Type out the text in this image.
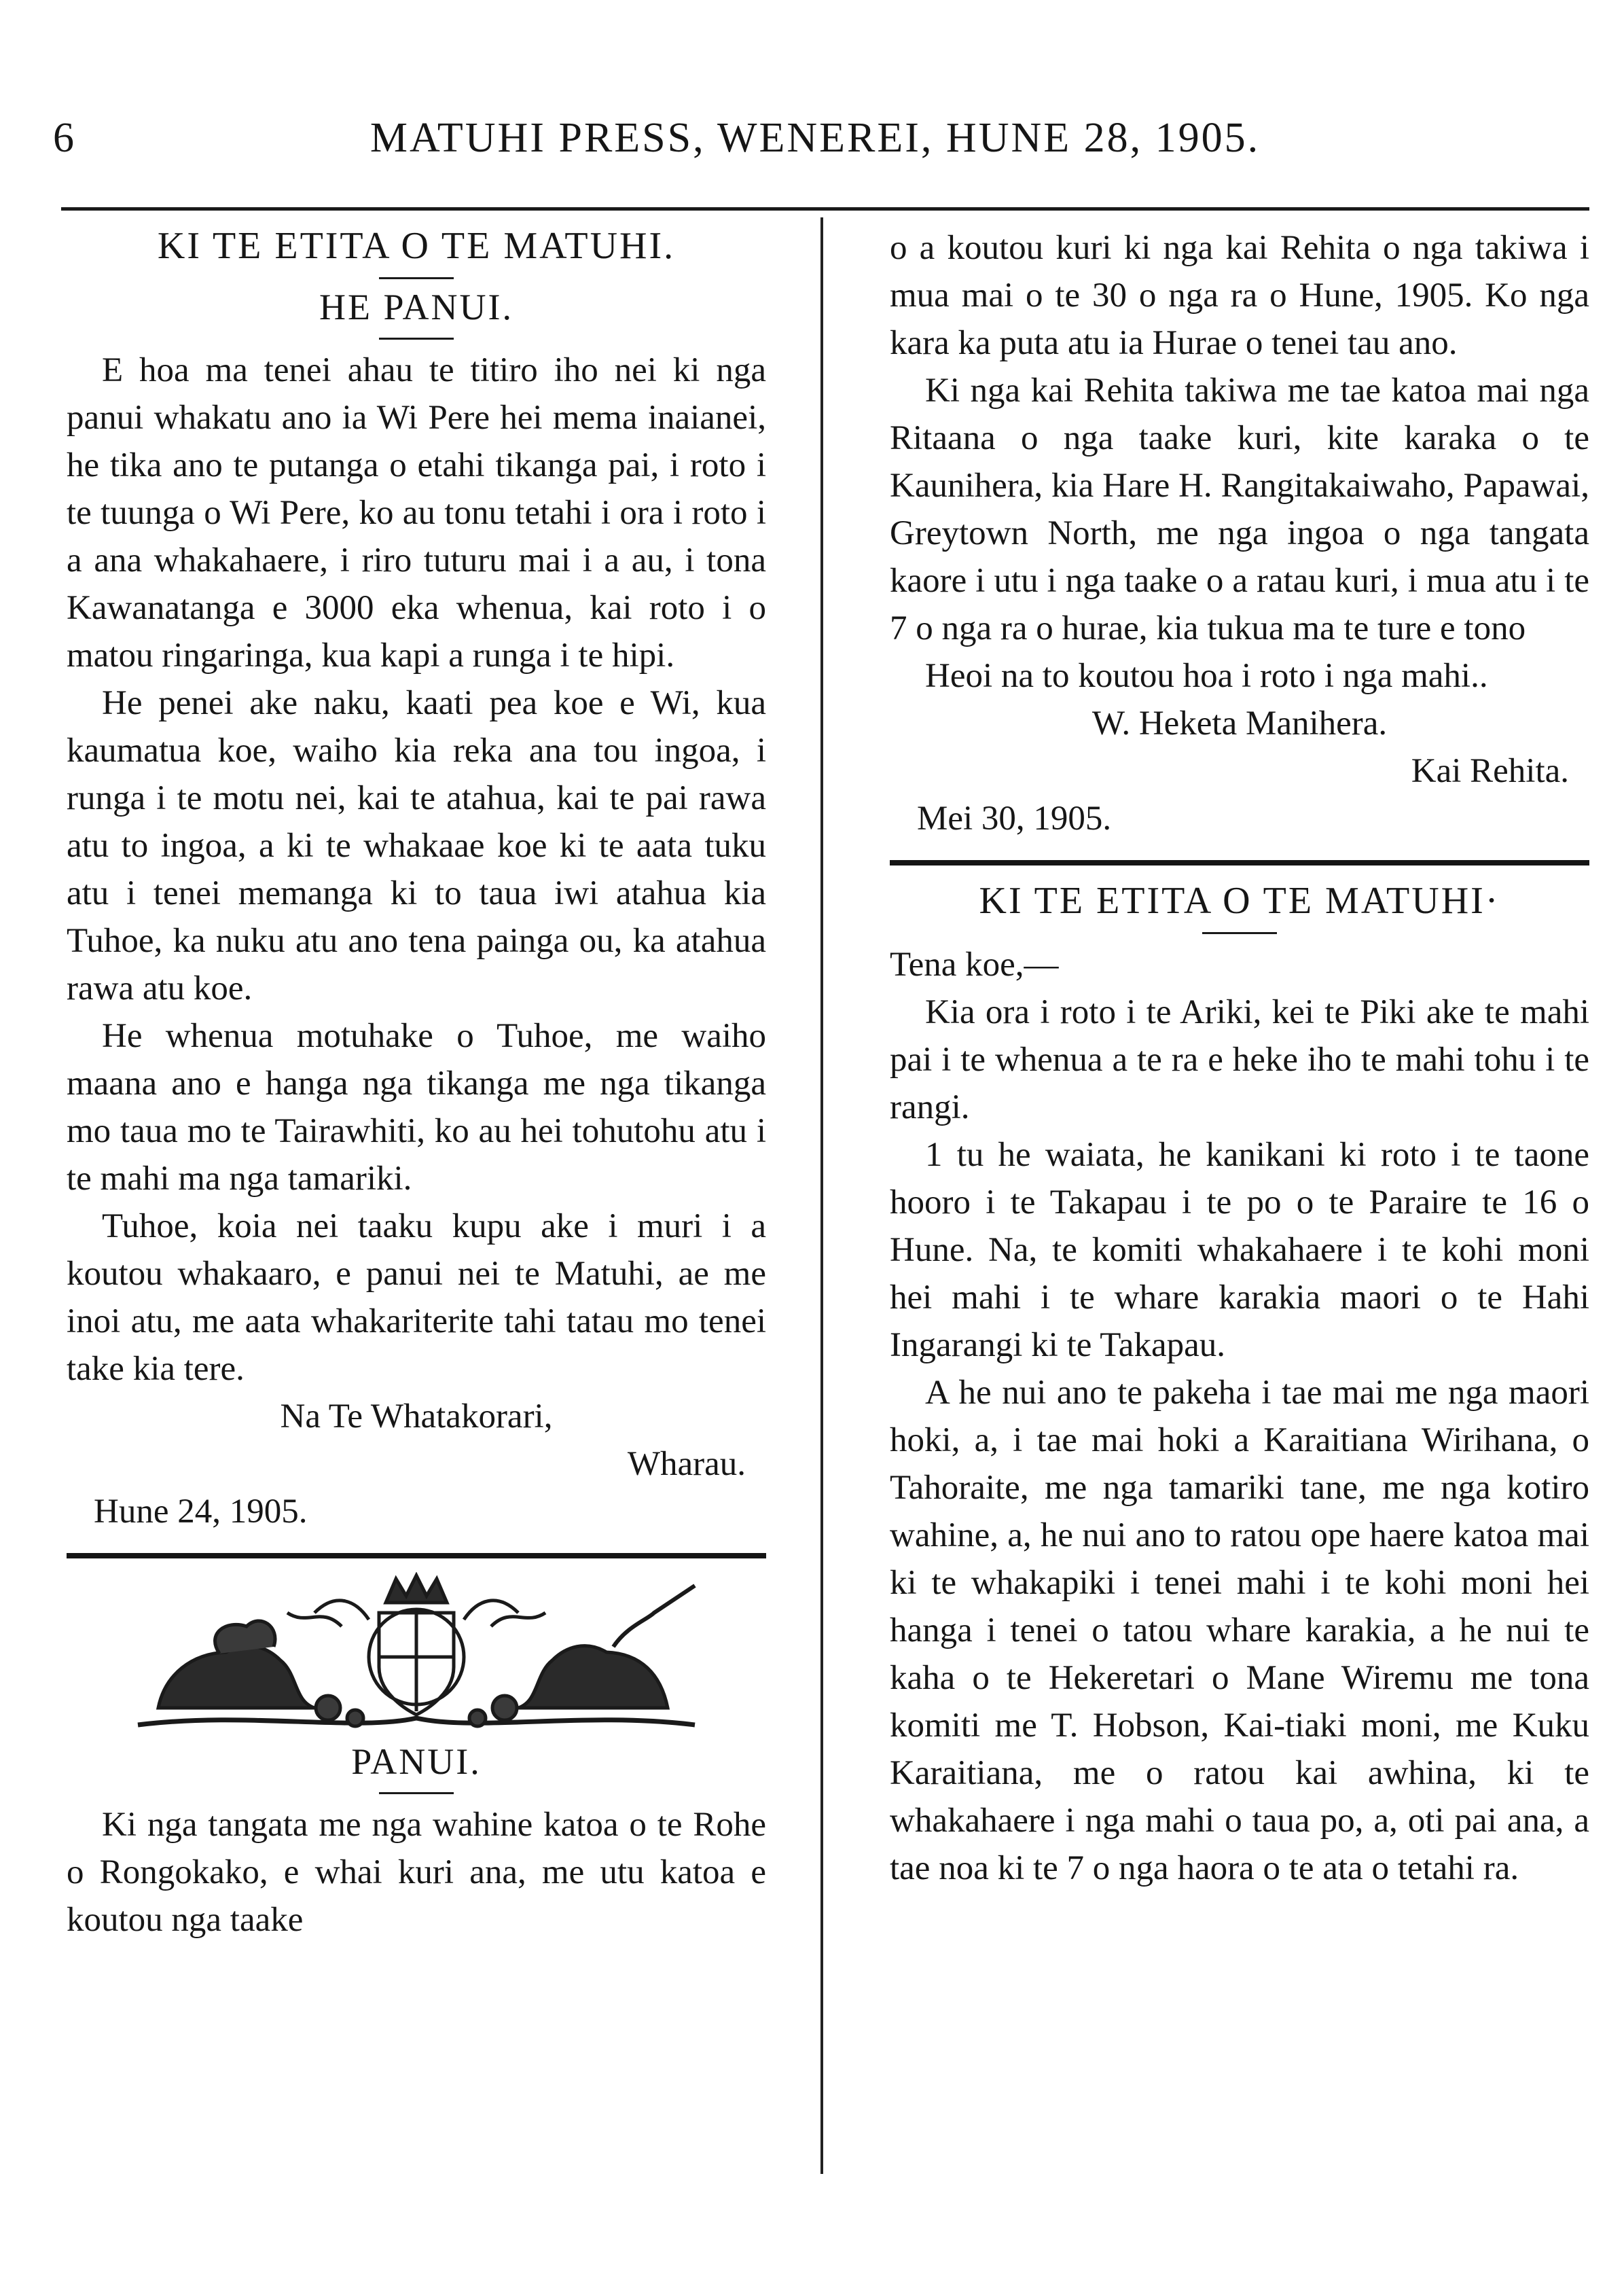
6	MATUHI PRESS, WENEREI, HUNE 28, 1905.
KI TE ETITA O TE MATUHI.
HE PANUI.

E hoa ma tenei ahau te titiro iho nei ki nga panui whakatu ano ia Wi Pere hei mema inaianei, he tika ano te putanga o etahi tikanga pai, i roto i te tuunga o Wi Pere, ko au tonu tetahi i ora i roto i a ana whakahaere, i riro tuturu mai i a au, i tona Kawanatanga e 3000 eka whenua, kai roto i o matou ringaringa, kua kapi a runga i te hipi.

He penei ake naku, kaati pea koe e Wi, kua kaumatua koe, waiho kia reka ana tou ingoa, i runga i te motu nei, kai te atahua, kai te pai rawa atu to ingoa, a ki te whakaae koe ki te aata tuku atu i tenei memanga ki to taua iwi atahua kia Tuhoe, ka nuku atu ano tena painga ou, ka atahua rawa atu koe.

He whenua motuhake o Tuhoe, me waiho maana ano e hanga nga tikanga me nga tikanga mo taua mo te Tairawhiti, ko au hei tohutohu atu i te mahi ma nga tamariki.

Tuhoe, koia nei taaku kupu ake i muri i a koutou whakaaro, e panui nei te Matuhi, ae me inoi atu, me aata whakariterite tahi tatau mo tenei take kia tere.

Na Te Whatakorari,
Wharau.
Hune 24, 1905.
PANUI.

Ki nga tangata me nga wahine katoa o te Rohe o Rongokako, e whai kuri ana, me utu katoa e koutou nga taake

o a koutou kuri ki nga kai Rehita o nga takiwa i mua mai o te 30 o nga ra o Hune, 1905. Ko nga kara ka puta atu ia Hurae o tenei tau ano.

Ki nga kai Rehita takiwa me tae katoa mai nga Ritaana o nga taake kuri, kite karaka o te Kaunihera, kia Hare H. Rangitakaiwaho, Papawai, Greytown North, me nga ingoa o nga tangata kaore i utu i nga taake o a ratau kuri, i mua atu i te 7 o nga ra o hurae, kia tukua ma te ture e tono

Heoi na to koutou hoa i roto i nga mahi..

W. Heketa Manihera.
Kai Rehita.
Mei 30, 1905.
KI TE ETITA O TE MATUHI·

Tena koe,—

Kia ora i roto i te Ariki, kei te Piki ake te mahi pai i te whenua a te ra e heke iho te mahi tohu i te rangi.

1 tu he waiata, he kanikani ki roto i te taone hooro i te Takapau i te po o te Paraire te 16 o Hune. Na, te komiti whakahaere i te kohi moni hei mahi i te whare karakia maori o te Hahi Ingarangi ki te Takapau.

A he nui ano te pakeha i tae mai me nga maori hoki, a, i tae mai hoki a Karaitiana Wirihana, o Tahoraite, me nga tamariki tane, me nga kotiro wahine, a, he nui ano to ratou ope haere katoa mai ki te whakapiki i tenei mahi i te kohi moni hei hanga i tenei o tatou whare karakia, a he nui te kaha o te Hekeretari o Mane Wiremu me tona komiti me T. Hobson, Kai-tiaki moni, me Kuku Karaitiana, me o ratou kai awhina, ki te whakahaere i nga mahi o taua po, a, oti pai ana, a tae noa ki te 7 o nga haora o te ata o tetahi ra.
